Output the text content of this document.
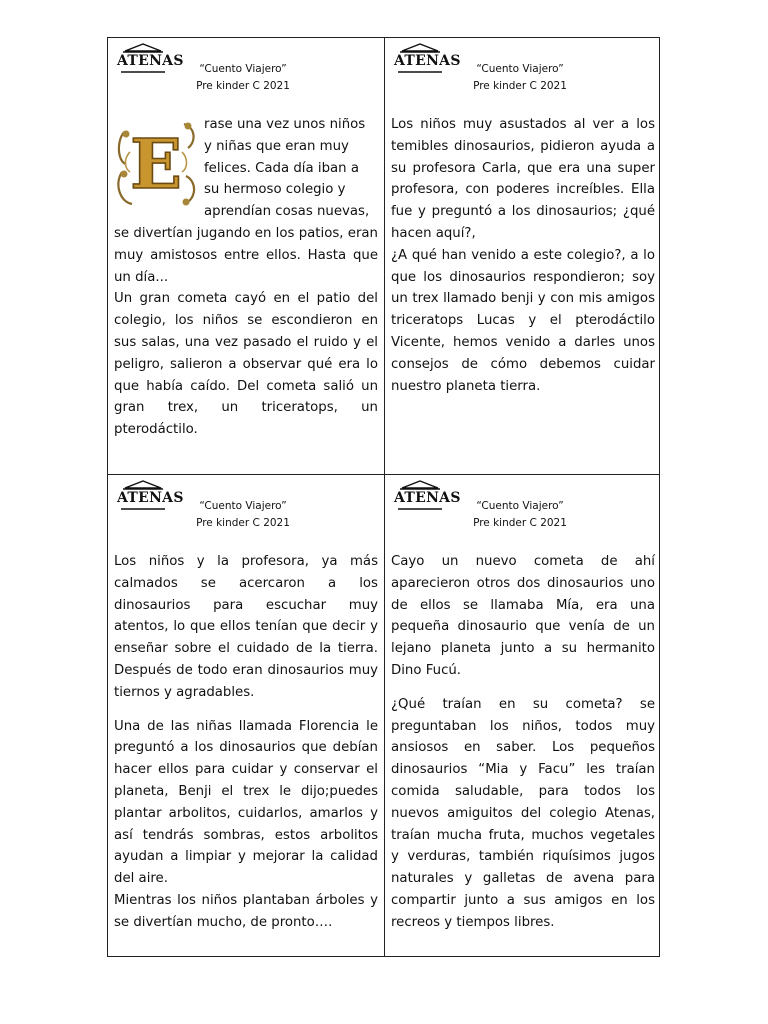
ATENAS	“Cuento Viajero”
Pre kinder C 2021
E

rase una vez unos niños
y niñas que eran muy
felices. Cada día iban a
su hermoso colegio y
aprendían cosas nuevas,

se divertían jugando en los patios, eran muy amistosos entre ellos. Hasta que un día...

Un gran cometa cayó en el patio del colegio, los niños se escondieron en sus salas, una vez pasado el ruido y el peligro, salieron a observar qué era lo que había caído. Del cometa salió un gran trex, un triceratops, un pterodáctilo.

ATENAS	“Cuento Viajero”
Pre kinder C 2021

Los niños muy asustados al ver a los temibles dinosaurios, pidieron ayuda a su profesora Carla, que era una super profesora, con poderes increíbles. Ella fue y preguntó a los dinosaurios; ¿qué hacen aquí?,

¿A qué han venido a este colegio?, a lo que los dinosaurios respondieron; soy un trex llamado benji y con mis amigos triceratops Lucas y el pterodáctilo Vicente, hemos venido a darles unos consejos de cómo debemos cuidar nuestro planeta tierra.

ATENAS	“Cuento Viajero”
Pre kinder C 2021

Los niños y la profesora, ya más calmados se acercaron a los dinosaurios para escuchar muy atentos, lo que ellos tenían que decir y enseñar sobre el cuidado de la tierra. Después de todo eran dinosaurios muy tiernos y agradables.

Una de las niñas llamada Florencia le preguntó a los dinosaurios que debían hacer ellos para cuidar y conservar el planeta, Benji el trex le dijo;puedes plantar arbolitos, cuidarlos, amarlos y así tendrás sombras, estos arbolitos ayudan a limpiar y mejorar la calidad del aire.

Mientras los niños plantaban árboles y se divertían mucho, de pronto….

ATENAS	“Cuento Viajero”
Pre kinder C 2021

Cayo un nuevo cometa de ahí aparecieron otros dos dinosaurios uno de ellos se llamaba Mía, era una pequeña dinosaurio que venía de un lejano planeta junto a su hermanito Dino Fucú.

¿Qué traían en su cometa? se preguntaban los niños, todos muy ansiosos en saber. Los pequeños dinosaurios “Mia y Facu” les traían comida saludable, para todos los nuevos amiguitos del colegio Atenas, traían mucha fruta, muchos vegetales y verduras, también riquísimos jugos naturales y galletas de avena para compartir junto a sus amigos en los recreos y tiempos libres.
